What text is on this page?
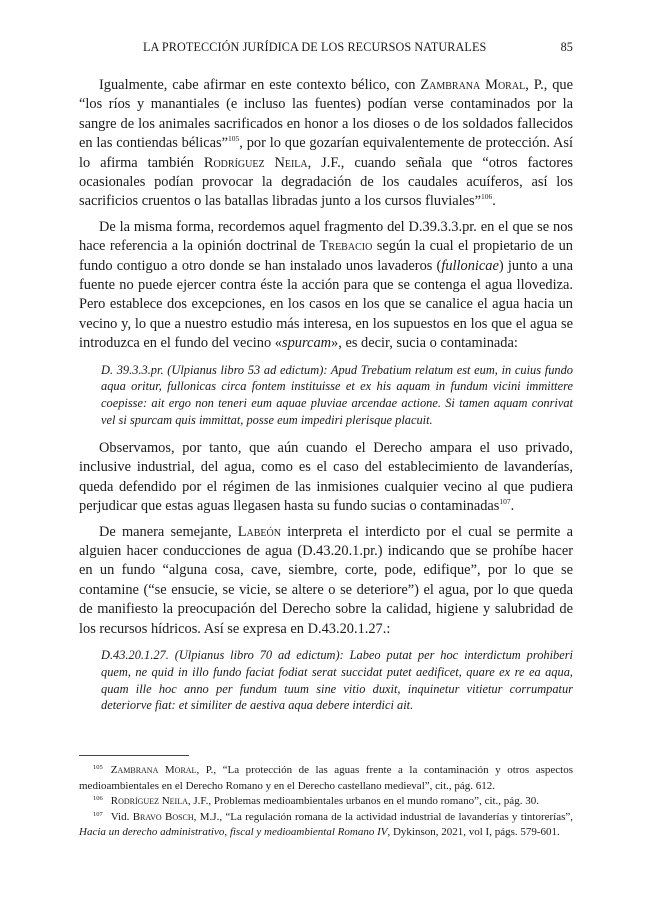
LA PROTECCIÓN JURÍDICA DE LOS RECURSOS NATURALES	85

Igualmente, cabe afirmar en este contexto bélico, con Zambrana Moral, P., que “los ríos y manantiales (e incluso las fuentes) podían verse contaminados por la sangre de los animales sacrificados en honor a los dioses o de los soldados fallecidos en las contiendas bélicas”$^{105}$, por lo que gozarían equivalentemente de protección. Así lo afirma también Rodríguez Neila, J.F., cuando señala que “otros factores ocasionales podían provocar la degradación de los caudales acuíferos, así los sacrificios cruentos o las batallas libradas junto a los cursos fluviales”$^{106}$.

De la misma forma, recordemos aquel fragmento del D.39.3.3.pr. en el que se nos hace referencia a la opinión doctrinal de Trebacio según la cual el propietario de un fundo contiguo a otro donde se han instalado unos lavaderos (fullonicae) junto a una fuente no puede ejercer contra éste la acción para que se contenga el agua llovediza. Pero establece dos excepciones, en los casos en los que se canalice el agua hacia un vecino y, lo que a nuestro estudio más interesa, en los supuestos en los que el agua se introduzca en el fundo del vecino «spurcam», es decir, sucia o contaminada:

D. 39.3.3.pr. (Ulpianus libro 53 ad edictum): Apud Trebatium relatum est eum, in cuius fundo aqua oritur, fullonicas circa fontem instituisse et ex his aquam in fundum vicini immittere coepisse: ait ergo non teneri eum aquae pluviae arcendae actione. Si tamen aquam conrivat vel si spurcam quis immittat, posse eum impediri plerisque placuit.

Observamos, por tanto, que aún cuando el Derecho ampara el uso privado, inclusive industrial, del agua, como es el caso del establecimiento de lavanderías, queda defendido por el régimen de las inmisiones cualquier vecino al que pudiera perjudicar que estas aguas llegasen hasta su fundo sucias o contaminadas$^{107}$.

De manera semejante, Labeón interpreta el interdicto por el cual se permite a alguien hacer conducciones de agua (D.43.20.1.pr.) indicando que se prohíbe hacer en un fundo “alguna cosa, cave, siembre, corte, pode, edifique”, por lo que se contamine (“se ensucie, se vicie, se altere o se deteriore”) el agua, por lo que queda de manifiesto la preocupación del Derecho sobre la calidad, higiene y salubridad de los recursos hídricos. Así se expresa en D.43.20.1.27.:

D.43.20.1.27. (Ulpianus libro 70 ad edictum): Labeo putat per hoc interdictum prohiberi quem, ne quid in illo fundo faciat fodiat serat succidat putet aedificet, quare ex re ea aqua, quam ille hoc anno per fundum tuum sine vitio duxit, inquinetur vitietur corrumpatur deteriorve fiat: et similiter de aestiva aqua debere interdici ait.

$^{105}$ Zambrana Moral, P., “La protección de las aguas frente a la contaminación y otros aspectos medioambientales en el Derecho Romano y en el Derecho castellano medieval”, cit., pág. 612.

$^{106}$ Rodríguez Neila, J.F., Problemas medioambientales urbanos en el mundo romano”, cit., pág. 30.

$^{107}$ Vid. Bravo Bosch, M.J., “La regulación romana de la actividad industrial de lavanderías y tintorerías”, Hacia un derecho administrativo, fiscal y medioambiental Romano IV, Dykinson, 2021, vol I, págs. 579-601.
